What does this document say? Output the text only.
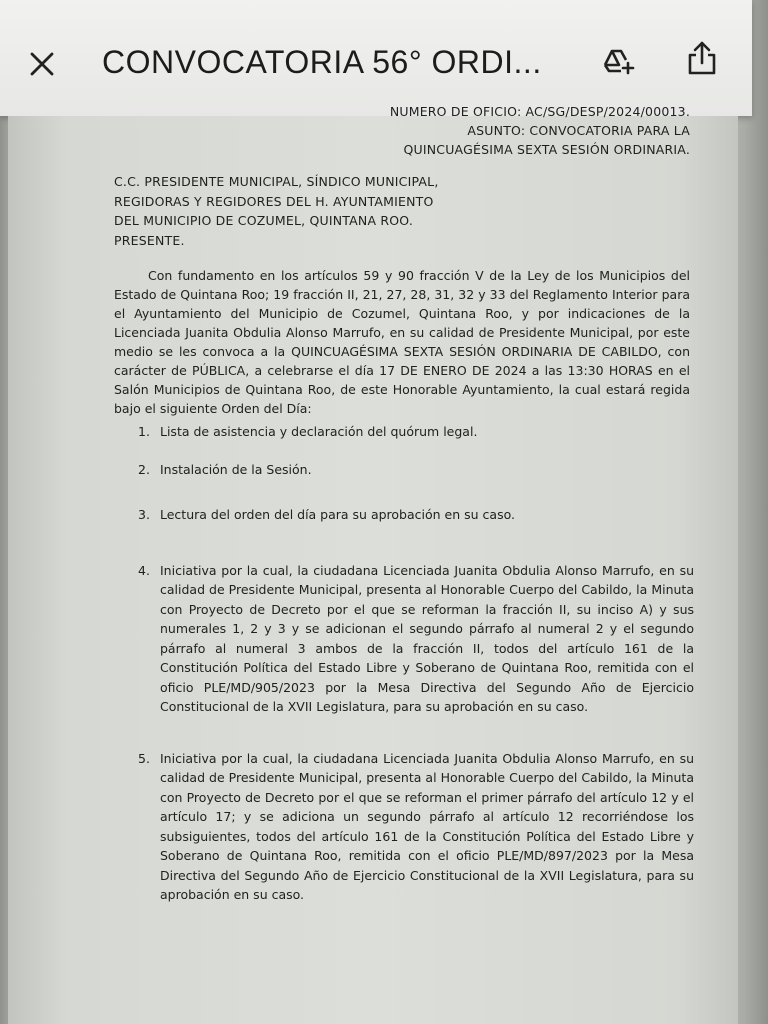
CONVOCATORIA 56° ORDI...
NUMERO DE OFICIO: AC/SG/DESP/2024/00013.
ASUNTO: CONVOCATORIA PARA LA
QUINCUAGÉSIMA SEXTA SESIÓN ORDINARIA.
C.C. PRESIDENTE MUNICIPAL, SÍNDICO MUNICIPAL,
REGIDORAS Y REGIDORES DEL H. AYUNTAMIENTO
DEL MUNICIPIO DE COZUMEL, QUINTANA ROO.
PRESENTE.

Con fundamento en los artículos 59 y 90 fracción V de la Ley de los Municipios del Estado de Quintana Roo; 19 fracción II, 21, 27, 28, 31, 32 y 33 del Reglamento Interior para el Ayuntamiento del Municipio de Cozumel, Quintana Roo, y por indicaciones de la Licenciada Juanita Obdulia Alonso Marrufo, en su calidad de Presidente Municipal, por este medio se les convoca a la QUINCUAGÉSIMA SEXTA SESIÓN ORDINARIA DE CABILDO, con carácter de PÚBLICA, a celebrarse el día 17 DE ENERO DE 2024 a las 13:30 HORAS en el Salón Municipios de Quintana Roo, de este Honorable Ayuntamiento, la cual estará regida bajo el siguiente Orden del Día:

1. Lista de asistencia y declaración del quórum legal.
2. Instalación de la Sesión.
3. Lectura del orden del día para su aprobación en su caso.
4. Iniciativa por la cual, la ciudadana Licenciada Juanita Obdulia Alonso Marrufo, en su calidad de Presidente Municipal, presenta al Honorable Cuerpo del Cabildo, la Minuta con Proyecto de Decreto por el que se reforman la fracción II, su inciso A) y sus numerales 1, 2 y 3 y se adicionan el segundo párrafo al numeral 2 y el segundo párrafo al numeral 3 ambos de la fracción II, todos del artículo 161 de la Constitución Política del Estado Libre y Soberano de Quintana Roo, remitida con el oficio PLE/MD/905/2023 por la Mesa Directiva del Segundo Año de Ejercicio Constitucional de la XVII Legislatura, para su aprobación en su caso.
5. Iniciativa por la cual, la ciudadana Licenciada Juanita Obdulia Alonso Marrufo, en su calidad de Presidente Municipal, presenta al Honorable Cuerpo del Cabildo, la Minuta con Proyecto de Decreto por el que se reforman el primer párrafo del artículo 12 y el artículo 17; y se adiciona un segundo párrafo al artículo 12 recorriéndose los subsiguientes, todos del artículo 161 de la Constitución Política del Estado Libre y Soberano de Quintana Roo, remitida con el oficio PLE/MD/897/2023 por la Mesa Directiva del Segundo Año de Ejercicio Constitucional de la XVII Legislatura, para su aprobación en su caso.
